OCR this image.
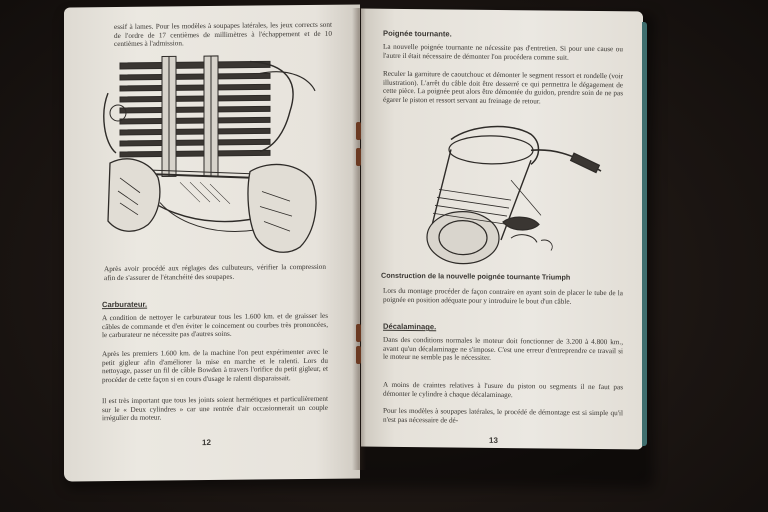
essif à lames. Pour les modèles à soupapes latérales, les jeux corrects sont de l'ordre de 17 centièmes de millimètres à l'échappement et de 10 centièmes à l'admission.
Après avoir procédé aux réglages des culbuteurs, vérifier la compression afin de s'assurer de l'étanchéité des soupapes.
Carburateur.
A condition de nettoyer le carburateur tous les 1.600 km. et de graisser les câbles de commande et d'en éviter le coincement ou courbes très prononcées, le carburateur ne nécessite pas d'autres soins.
Après les premiers 1.600 km. de la machine l'on peut expérimenter avec le petit gigleur afin d'améliorer la mise en marche et le ralenti. Lors du nettoyage, passer un fil de câble Bowden à travers l'orifice du petit gigleur, et procéder de cette façon si en cours d'usage le ralenti disparaissait.
Il est très important que tous les joints soient hermétiques et particulièrement sur le « Deux cylindres » car une rentrée d'air occasionnerait un couple irrégulier du moteur.
12
Poignée tournante.
La nouvelle poignée tournante ne nécessite pas d'entretien. Si pour une cause ou l'autre il était nécessaire de démonter l'on procédera comme suit.
Reculer la garniture de caoutchouc et démonter le segment ressort et rondelle (voir illustration). L'arrêt du câble doit être desserré ce qui permettra le dégagement de cette pièce. La poignée peut alors être démontée du guidon, prendre soin de ne pas égarer le piston et ressort servant au freinage de retour.
Construction de la nouvelle poignée tournante Triumph
Lors du montage procéder de façon contraire en ayant soin de placer le tube de la poignée en position adéquate pour y introduire le bout d'un câble.
Décalaminage.
Dans des conditions normales le moteur doit fonctionner de 3.200 à 4.800 km., avant qu'un décalaminage ne s'impose. C'est une erreur d'entreprendre ce travail si le moteur ne semble pas le nécessiter.
A moins de craintes relatives à l'usure du piston ou segments il ne faut pas démonter le cylindre à chaque décalaminage.
Pour les modèles à soupapes latérales, le procédé de démontage est si simple qu'il n'est pas nécessaire de dé-
13
